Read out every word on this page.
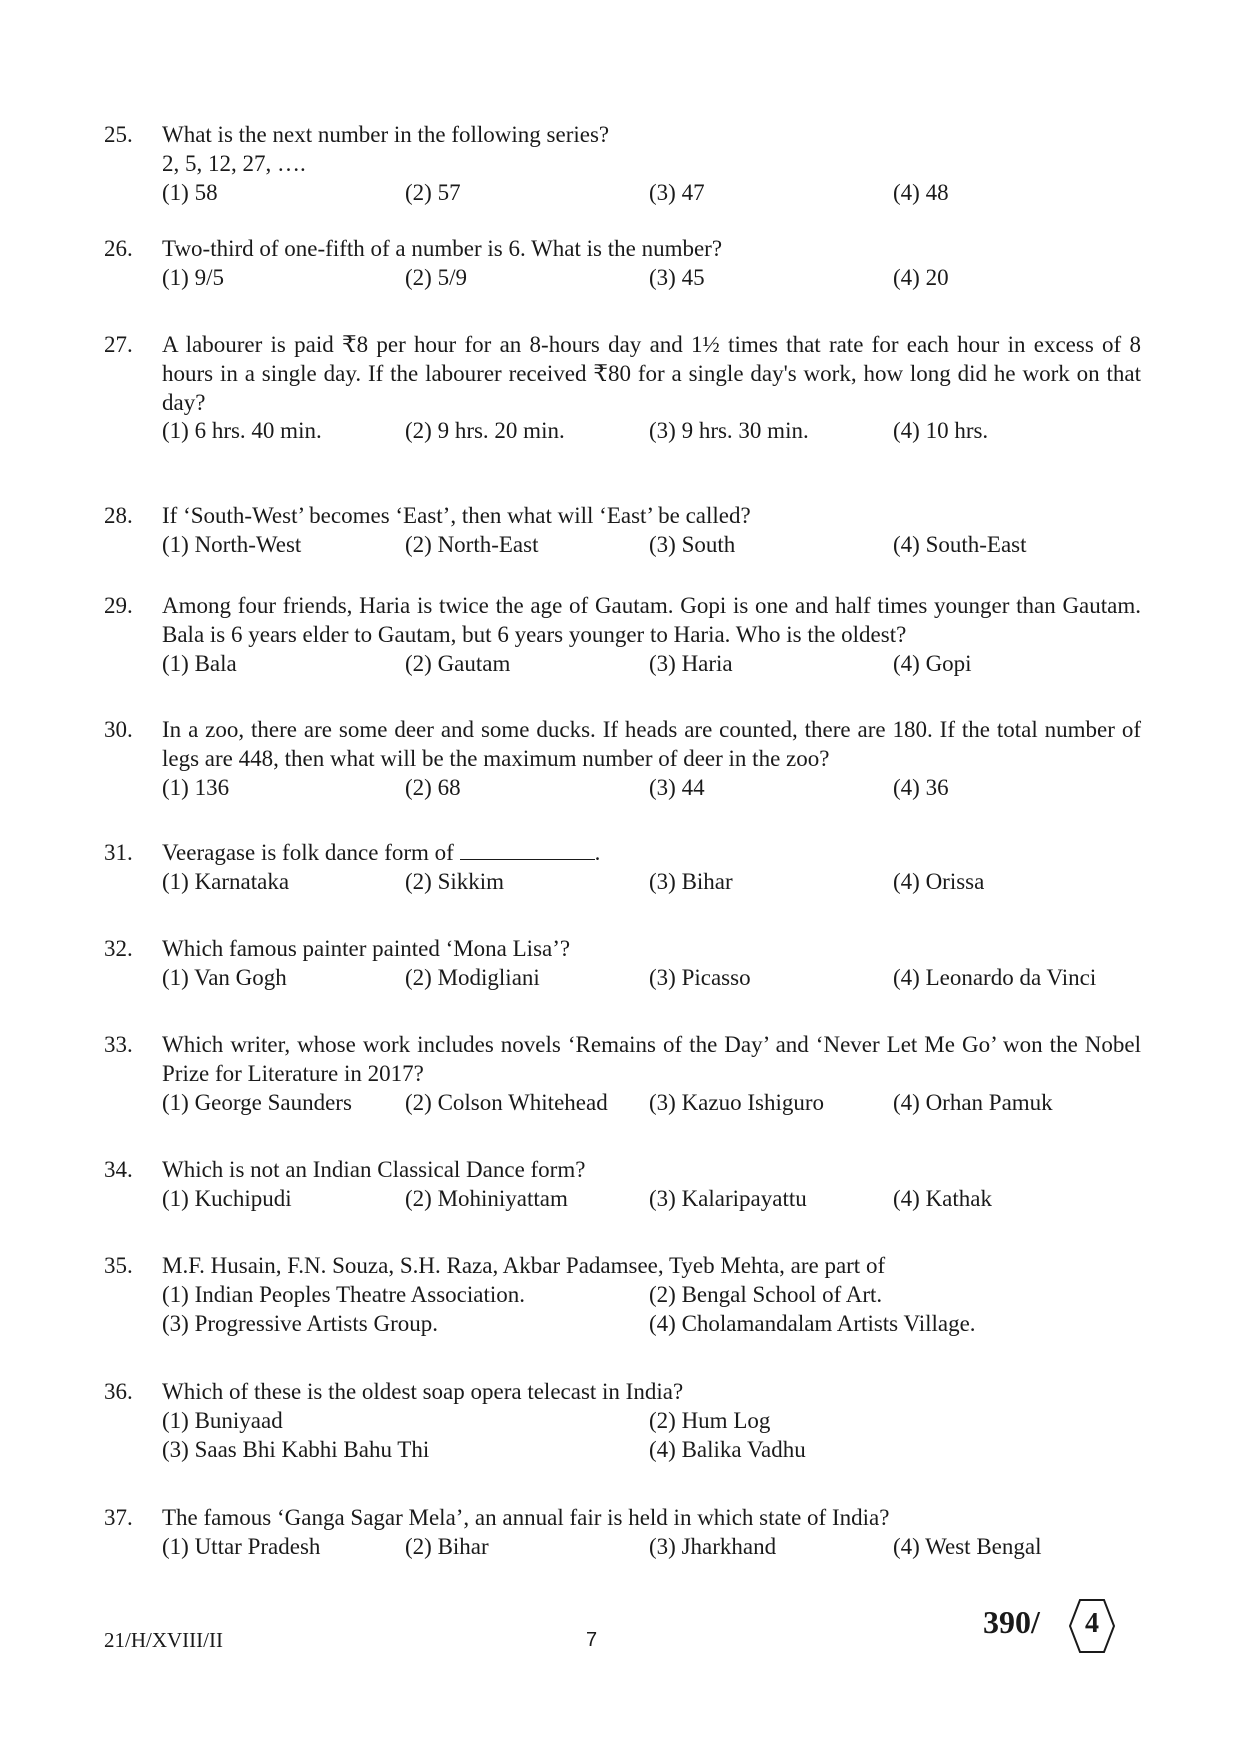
25. What is the next number in the following series?
2, 5, 12, 27, ….
(1) 58	(2) 57	(3) 47	(4) 48
26. Two-third of one-fifth of a number is 6. What is the number?
(1) 9/5	(2) 5/9	(3) 45	(4) 20
27. A labourer is paid ₹8 per hour for an 8-hours day and 1½ times that rate for each hour in excess of 8 hours in a single day. If the labourer received ₹80 for a single day's work, how long did he work on that day?
(1) 6 hrs. 40 min.	(2) 9 hrs. 20 min.	(3) 9 hrs. 30 min.	(4) 10 hrs.
28. If ‘South-West’ becomes ‘East’, then what will ‘East’ be called?
(1) North-West	(2) North-East	(3) South	(4) South-East
29. Among four friends, Haria is twice the age of Gautam. Gopi is one and half times younger than Gautam. Bala is 6 years elder to Gautam, but 6 years younger to Haria. Who is the oldest?
(1) Bala	(2) Gautam	(3) Haria	(4) Gopi
30. In a zoo, there are some deer and some ducks. If heads are counted, there are 180. If the total number of legs are 448, then what will be the maximum number of deer in the zoo?
(1) 136	(2) 68	(3) 44	(4) 36
31. Veeragase is folk dance form of	.
(1) Karnataka	(2) Sikkim	(3) Bihar	(4) Orissa
32. Which famous painter painted ‘Mona Lisa’?
(1) Van Gogh	(2) Modigliani	(3) Picasso	(4) Leonardo da Vinci
33. Which writer, whose work includes novels ‘Remains of the Day’ and ‘Never Let Me Go’ won the Nobel Prize for Literature in 2017?
(1) George Saunders (2) Colson Whitehead (3) Kazuo Ishiguro	(4) Orhan Pamuk
34. Which is not an Indian Classical Dance form?
(1) Kuchipudi	(2) Mohiniyattam	(3) Kalaripayattu	(4) Kathak
35. M.F. Husain, F.N. Souza, S.H. Raza, Akbar Padamsee, Tyeb Mehta, are part of
(1) Indian Peoples Theatre Association.	(2) Bengal School of Art.
(3) Progressive Artists Group.	(4) Cholamandalam Artists Village.
36. Which of these is the oldest soap opera telecast in India?
(1) Buniyaad	(2) Hum Log
(3) Saas Bhi Kabhi Bahu Thi	(4) Balika Vadhu
37. The famous ‘Ganga Sagar Mela’, an annual fair is held in which state of India?
(1) Uttar Pradesh	(2) Bihar	(3) Jharkhand	(4) West Bengal
21/H/XVIII/II	7	390/	4
